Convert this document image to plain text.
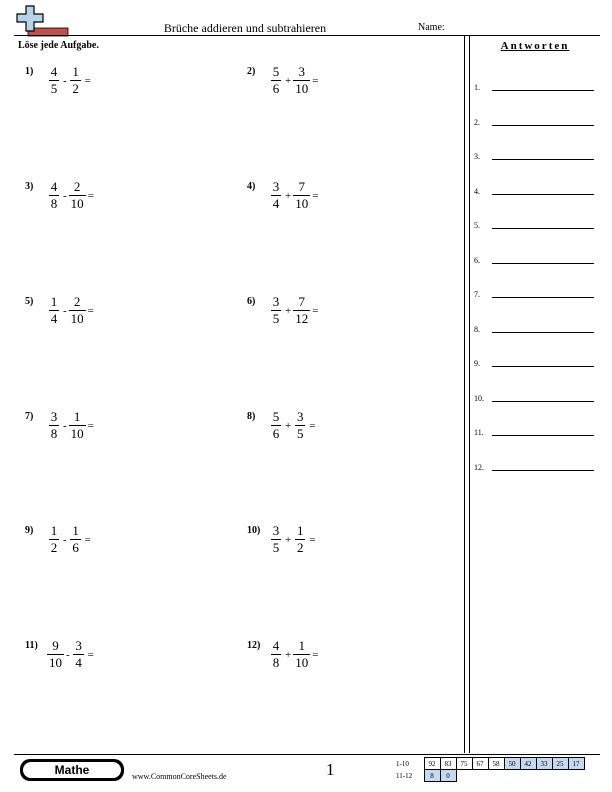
Brüche addieren und subtrahieren	Name:
Löse jede Aufgabe.	Antworten
1.
2.
3.
4.
5.
6.
7.
8.
9.
10.
11.
12.
$1) \frac{4}{5} - \frac{1}{2}$ =
$2) \frac{5}{6} + \frac{3}{10}$ =
$3) \frac{4}{8} - \frac{2}{10}$ =
$4) \frac{3}{4} + \frac{7}{10}$ =
$5) \frac{1}{4} - \frac{2}{10}$ =
$6) \frac{3}{5} + \frac{7}{12}$ =
$7) \frac{3}{8} - \frac{1}{10}$ =
$8) \frac{5}{6} + \frac{3}{5}$ =
$9) \frac{1}{2} - \frac{1}{6}$ =
$10) \frac{3}{5} + \frac{1}{2}$ =
$11) \frac{9}{10} - \frac{3}{4}$ =
$12) \frac{4}{8} + \frac{1}{10}$ =
Mathe	www.CommonCoreSheets.de	1	1-10	92	83	75	67	58	50	42	33	25	17
11-12	8	0								
